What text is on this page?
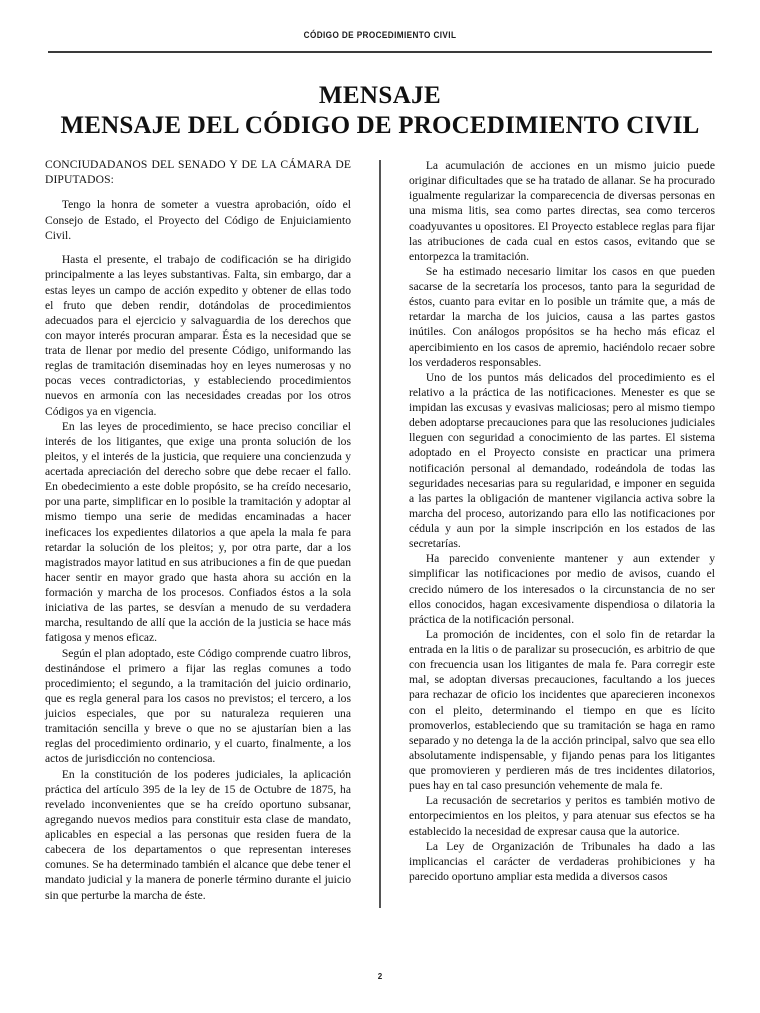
CÓDIGO DE PROCEDIMIENTO CIVIL
MENSAJE
MENSAJE DEL CÓDIGO DE PROCEDIMIENTO CIVIL

CONCIUDADANOS DEL SENADO Y DE LA CÁMARA DE DIPUTADOS:

Tengo la honra de someter a vuestra aprobación, oído el Consejo de Estado, el Proyecto del Código de Enjuiciamiento Civil.

Hasta el presente, el trabajo de codificación se ha dirigido principalmente a las leyes substantivas. Falta, sin embargo, dar a estas leyes un campo de acción expedito y obtener de ellas todo el fruto que deben rendir, dotándolas de procedimientos adecuados para el ejercicio y salvaguardia de los derechos que con mayor interés procuran amparar. Ésta es la necesidad que se trata de llenar por medio del presente Código, uniformando las reglas de tramitación diseminadas hoy en leyes numerosas y no pocas veces contradictorias, y estableciendo procedimientos nuevos en armonía con las necesidades creadas por los otros Códigos ya en vigencia.

En las leyes de procedimiento, se hace preciso conciliar el interés de los litigantes, que exige una pronta solución de los pleitos, y el interés de la justicia, que requiere una concienzuda y acertada apreciación del derecho sobre que debe recaer el fallo. En obedecimiento a este doble propósito, se ha creído necesario, por una parte, simplificar en lo posible la tramitación y adoptar al mismo tiempo una serie de medidas encaminadas a hacer ineficaces los expedientes dilatorios a que apela la mala fe para retardar la solución de los pleitos; y, por otra parte, dar a los magistrados mayor latitud en sus atribuciones a fin de que puedan hacer sentir en mayor grado que hasta ahora su acción en la formación y marcha de los procesos. Confiados éstos a la sola iniciativa de las partes, se desvían a menudo de su verdadera marcha, resultando de allí que la acción de la justicia se hace más fatigosa y menos eficaz.

Según el plan adoptado, este Código comprende cuatro libros, destinándose el primero a fijar las reglas comunes a todo procedimiento; el segundo, a la tramitación del juicio ordinario, que es regla general para los casos no previstos; el tercero, a los juicios especiales, que por su naturaleza requieren una tramitación sencilla y breve o que no se ajustarían bien a las reglas del procedimiento ordinario, y el cuarto, finalmente, a los actos de jurisdicción no contenciosa.

En la constitución de los poderes judiciales, la aplicación práctica del artículo 395 de la ley de 15 de Octubre de 1875, ha revelado inconvenientes que se ha creído oportuno subsanar, agregando nuevos medios para constituir esta clase de mandato, aplicables en especial a las personas que residen fuera de la cabecera de los departamentos o que representan intereses comunes. Se ha determinado también el alcance que debe tener el mandato judicial y la manera de ponerle término durante el juicio sin que perturbe la marcha de éste.

La acumulación de acciones en un mismo juicio puede originar dificultades que se ha tratado de allanar. Se ha procurado igualmente regularizar la comparecencia de diversas personas en una misma litis, sea como partes directas, sea como terceros coadyuvantes u opositores. El Proyecto establece reglas para fijar las atribuciones de cada cual en estos casos, evitando que se entorpezca la tramitación.

Se ha estimado necesario limitar los casos en que pueden sacarse de la secretaría los procesos, tanto para la seguridad de éstos, cuanto para evitar en lo posible un trámite que, a más de retardar la marcha de los juicios, causa a las partes gastos inútiles. Con análogos propósitos se ha hecho más eficaz el apercibimiento en los casos de apremio, haciéndolo recaer sobre los verdaderos responsables.

Uno de los puntos más delicados del procedimiento es el relativo a la práctica de las notificaciones. Menester es que se impidan las excusas y evasivas maliciosas; pero al mismo tiempo deben adoptarse precauciones para que las resoluciones judiciales lleguen con seguridad a conocimiento de las partes. El sistema adoptado en el Proyecto consiste en practicar una primera notificación personal al demandado, rodeándola de todas las seguridades necesarias para su regularidad, e imponer en seguida a las partes la obligación de mantener vigilancia activa sobre la marcha del proceso, autorizando para ello las notificaciones por cédula y aun por la simple inscripción en los estados de las secretarías.

Ha parecido conveniente mantener y aun extender y simplificar las notificaciones por medio de avisos, cuando el crecido número de los interesados o la circunstancia de no ser ellos conocidos, hagan excesivamente dispendiosa o dilatoria la práctica de la notificación personal.

La promoción de incidentes, con el solo fin de retardar la entrada en la litis o de paralizar su prosecución, es arbitrio de que con frecuencia usan los litigantes de mala fe. Para corregir este mal, se adoptan diversas precauciones, facultando a los jueces para rechazar de oficio los incidentes que aparecieren inconexos con el pleito, determinando el tiempo en que es lícito promoverlos, estableciendo que su tramitación se haga en ramo separado y no detenga la de la acción principal, salvo que sea ello absolutamente indispensable, y fijando penas para los litigantes que promovieren y perdieren más de tres incidentes dilatorios, pues hay en tal caso presunción vehemente de mala fe.

La recusación de secretarios y peritos es también motivo de entorpecimientos en los pleitos, y para atenuar sus efectos se ha establecido la necesidad de expresar causa que la autorice.

La Ley de Organización de Tribunales ha dado a las implicancias el carácter de verdaderas prohibiciones y ha parecido oportuno ampliar esta medida a diversos casos

2
